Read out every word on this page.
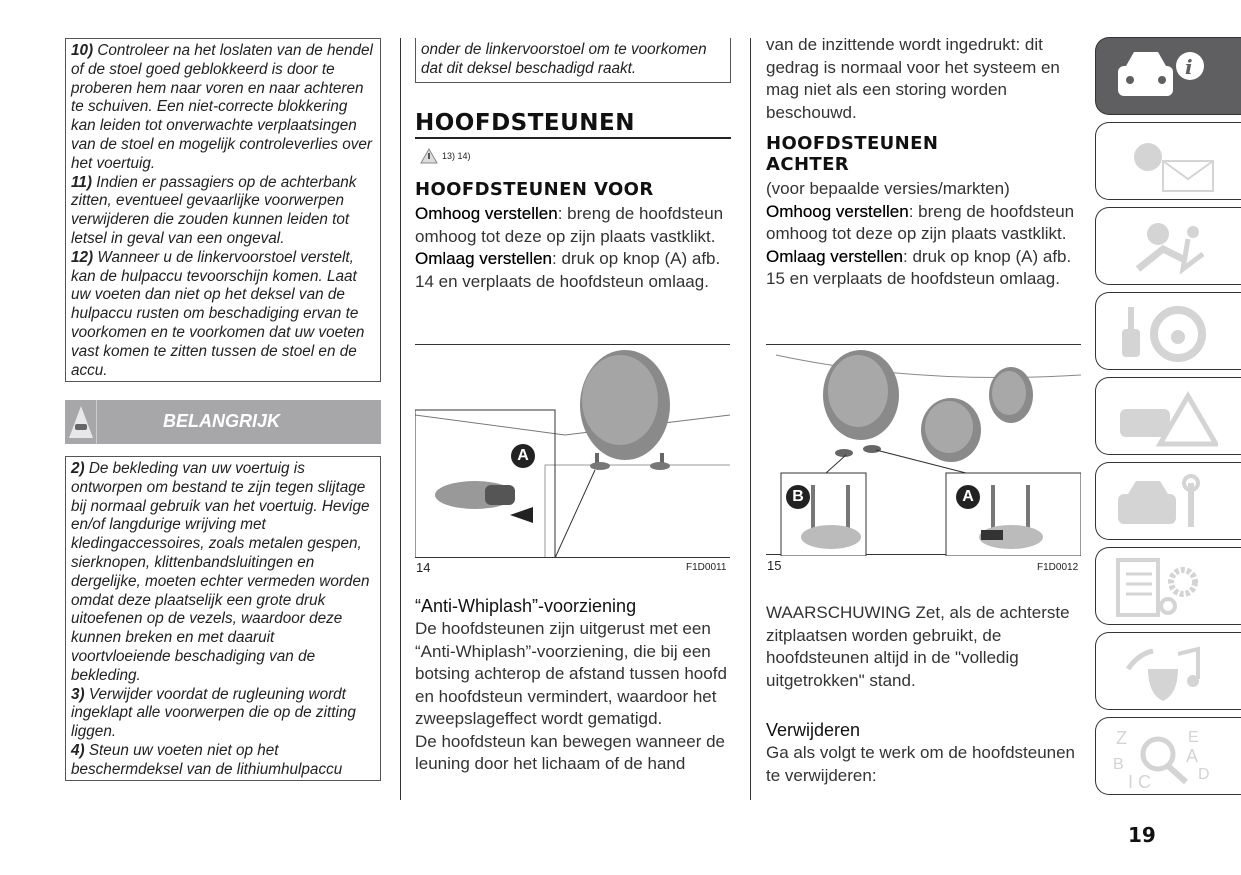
10) Controleer na het loslaten van de hendel of de stoel goed geblokkeerd is door te proberen hem naar voren en naar achteren te schuiven. Een niet-correcte blokkering kan leiden tot onverwachte verplaatsingen van de stoel en mogelijk controleverlies over het voertuig.
11) Indien er passagiers op de achterbank zitten, eventueel gevaarlijke voorwerpen verwijderen die zouden kunnen leiden tot letsel in geval van een ongeval.
12) Wanneer u de linkervoorstoel verstelt, kan de hulpaccu tevoorschijn komen. Laat uw voeten dan niet op het deksel van de hulpaccu rusten om beschadiging ervan te voorkomen en te voorkomen dat uw voeten vast komen te zitten tussen de stoel en de accu.
BELANGRIJK
2) De bekleding van uw voertuig is ontworpen om bestand te zijn tegen slijtage bij normaal gebruik van het voertuig. Hevige en/of langdurige wrijving met kledingaccessoires, zoals metalen gespen, sierknopen, klittenbandsluitingen en dergelijke, moeten echter vermeden worden omdat deze plaatselijk een grote druk uitoefenen op de vezels, waardoor deze kunnen breken en met daaruit voortvloeiende beschadiging van de bekleding.
3) Verwijder voordat de rugleuning wordt ingeklapt alle voorwerpen die op de zitting liggen.
4) Steun uw voeten niet op het beschermdeksel van de lithiumhulpaccu
onder de linkervoorstoel om te voorkomen dat dit deksel beschadigd raakt.
HOOFDSTEUNEN
13) 14)
HOOFDSTEUNEN VOOR
Omhoog verstellen: breng de hoofdsteun omhoog tot deze op zijn plaats vastklikt.
Omlaag verstellen: druk op knop (A) afb. 14 en verplaats de hoofdsteun omlaag.
A
14	F1D0011
“Anti-Whiplash”-voorziening
De hoofdsteunen zijn uitgerust met een “Anti-Whiplash”-voorziening, die bij een botsing achterop de afstand tussen hoofd en hoofdsteun vermindert, waardoor het zweepslageffect wordt gematigd.
De hoofdsteun kan bewegen wanneer de leuning door het lichaam of de hand
van de inzittende wordt ingedrukt: dit gedrag is normaal voor het systeem en mag niet als een storing worden beschouwd.
HOOFDSTEUNEN ACHTER
(voor bepaalde versies/markten)
Omhoog verstellen: breng de hoofdsteun omhoog tot deze op zijn plaats vastklikt.
Omlaag verstellen: druk op knop (A) afb. 15 en verplaats de hoofdsteun omlaag.
B	A
15	F1D0012
WAARSCHUWING Zet, als de achterste zitplaatsen worden gebruikt, de hoofdsteunen altijd in de "volledig uitgetrokken" stand.
Verwijderen
Ga als volgt te werk om de hoofdsteunen te verwijderen:
i
Z
B
I C
E
A
D
19
